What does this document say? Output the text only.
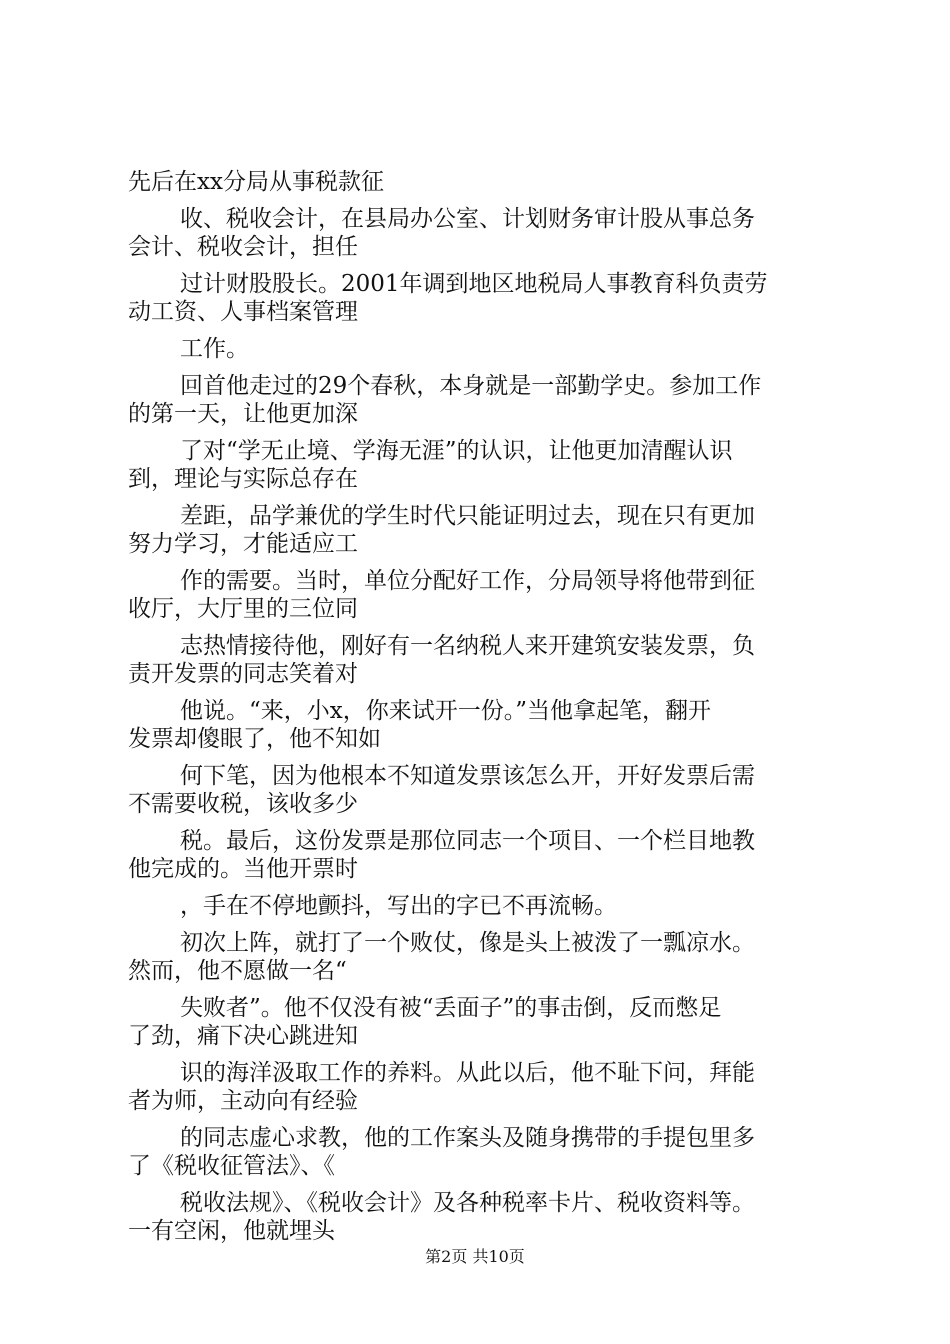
先后在xx分局从事税款征

收、税收会计，在县局办公室、计划财务审计股从事总务

会计、税收会计，担任

过计财股股长。2001年调到地区地税局人事教育科负责劳

动工资、人事档案管理

工作。

回首他走过的29个春秋，本身就是一部勤学史。参加工作

的第一天，让他更加深

了对“学无止境、学海无涯”的认识，让他更加清醒认识

到，理论与实际总存在

差距，品学兼优的学生时代只能证明过去，现在只有更加

努力学习，才能适应工

作的需要。当时，单位分配好工作，分局领导将他带到征

收厅，大厅里的三位同

志热情接待他，刚好有一名纳税人来开建筑安装发票，负

责开发票的同志笑着对

他说。“来，小x，你来试开一份。”当他拿起笔，翻开

发票却傻眼了，他不知如

何下笔，因为他根本不知道发票该怎么开，开好发票后需

不需要收税，该收多少

税。最后，这份发票是那位同志一个项目、一个栏目地教

他完成的。当他开票时

，手在不停地颤抖，写出的字已不再流畅。

初次上阵，就打了一个败仗，像是头上被泼了一瓢凉水。

然而，他不愿做一名“

失败者”。他不仅没有被“丢面子”的事击倒，反而憋足

了劲，痛下决心跳进知

识的海洋汲取工作的养料。从此以后，他不耻下问，拜能

者为师，主动向有经验

的同志虚心求教，他的工作案头及随身携带的手提包里多

了《税收征管法》、《

税收法规》、《税收会计》及各种税率卡片、税收资料等。

一有空闲，他就埋头

第2页 共10页
